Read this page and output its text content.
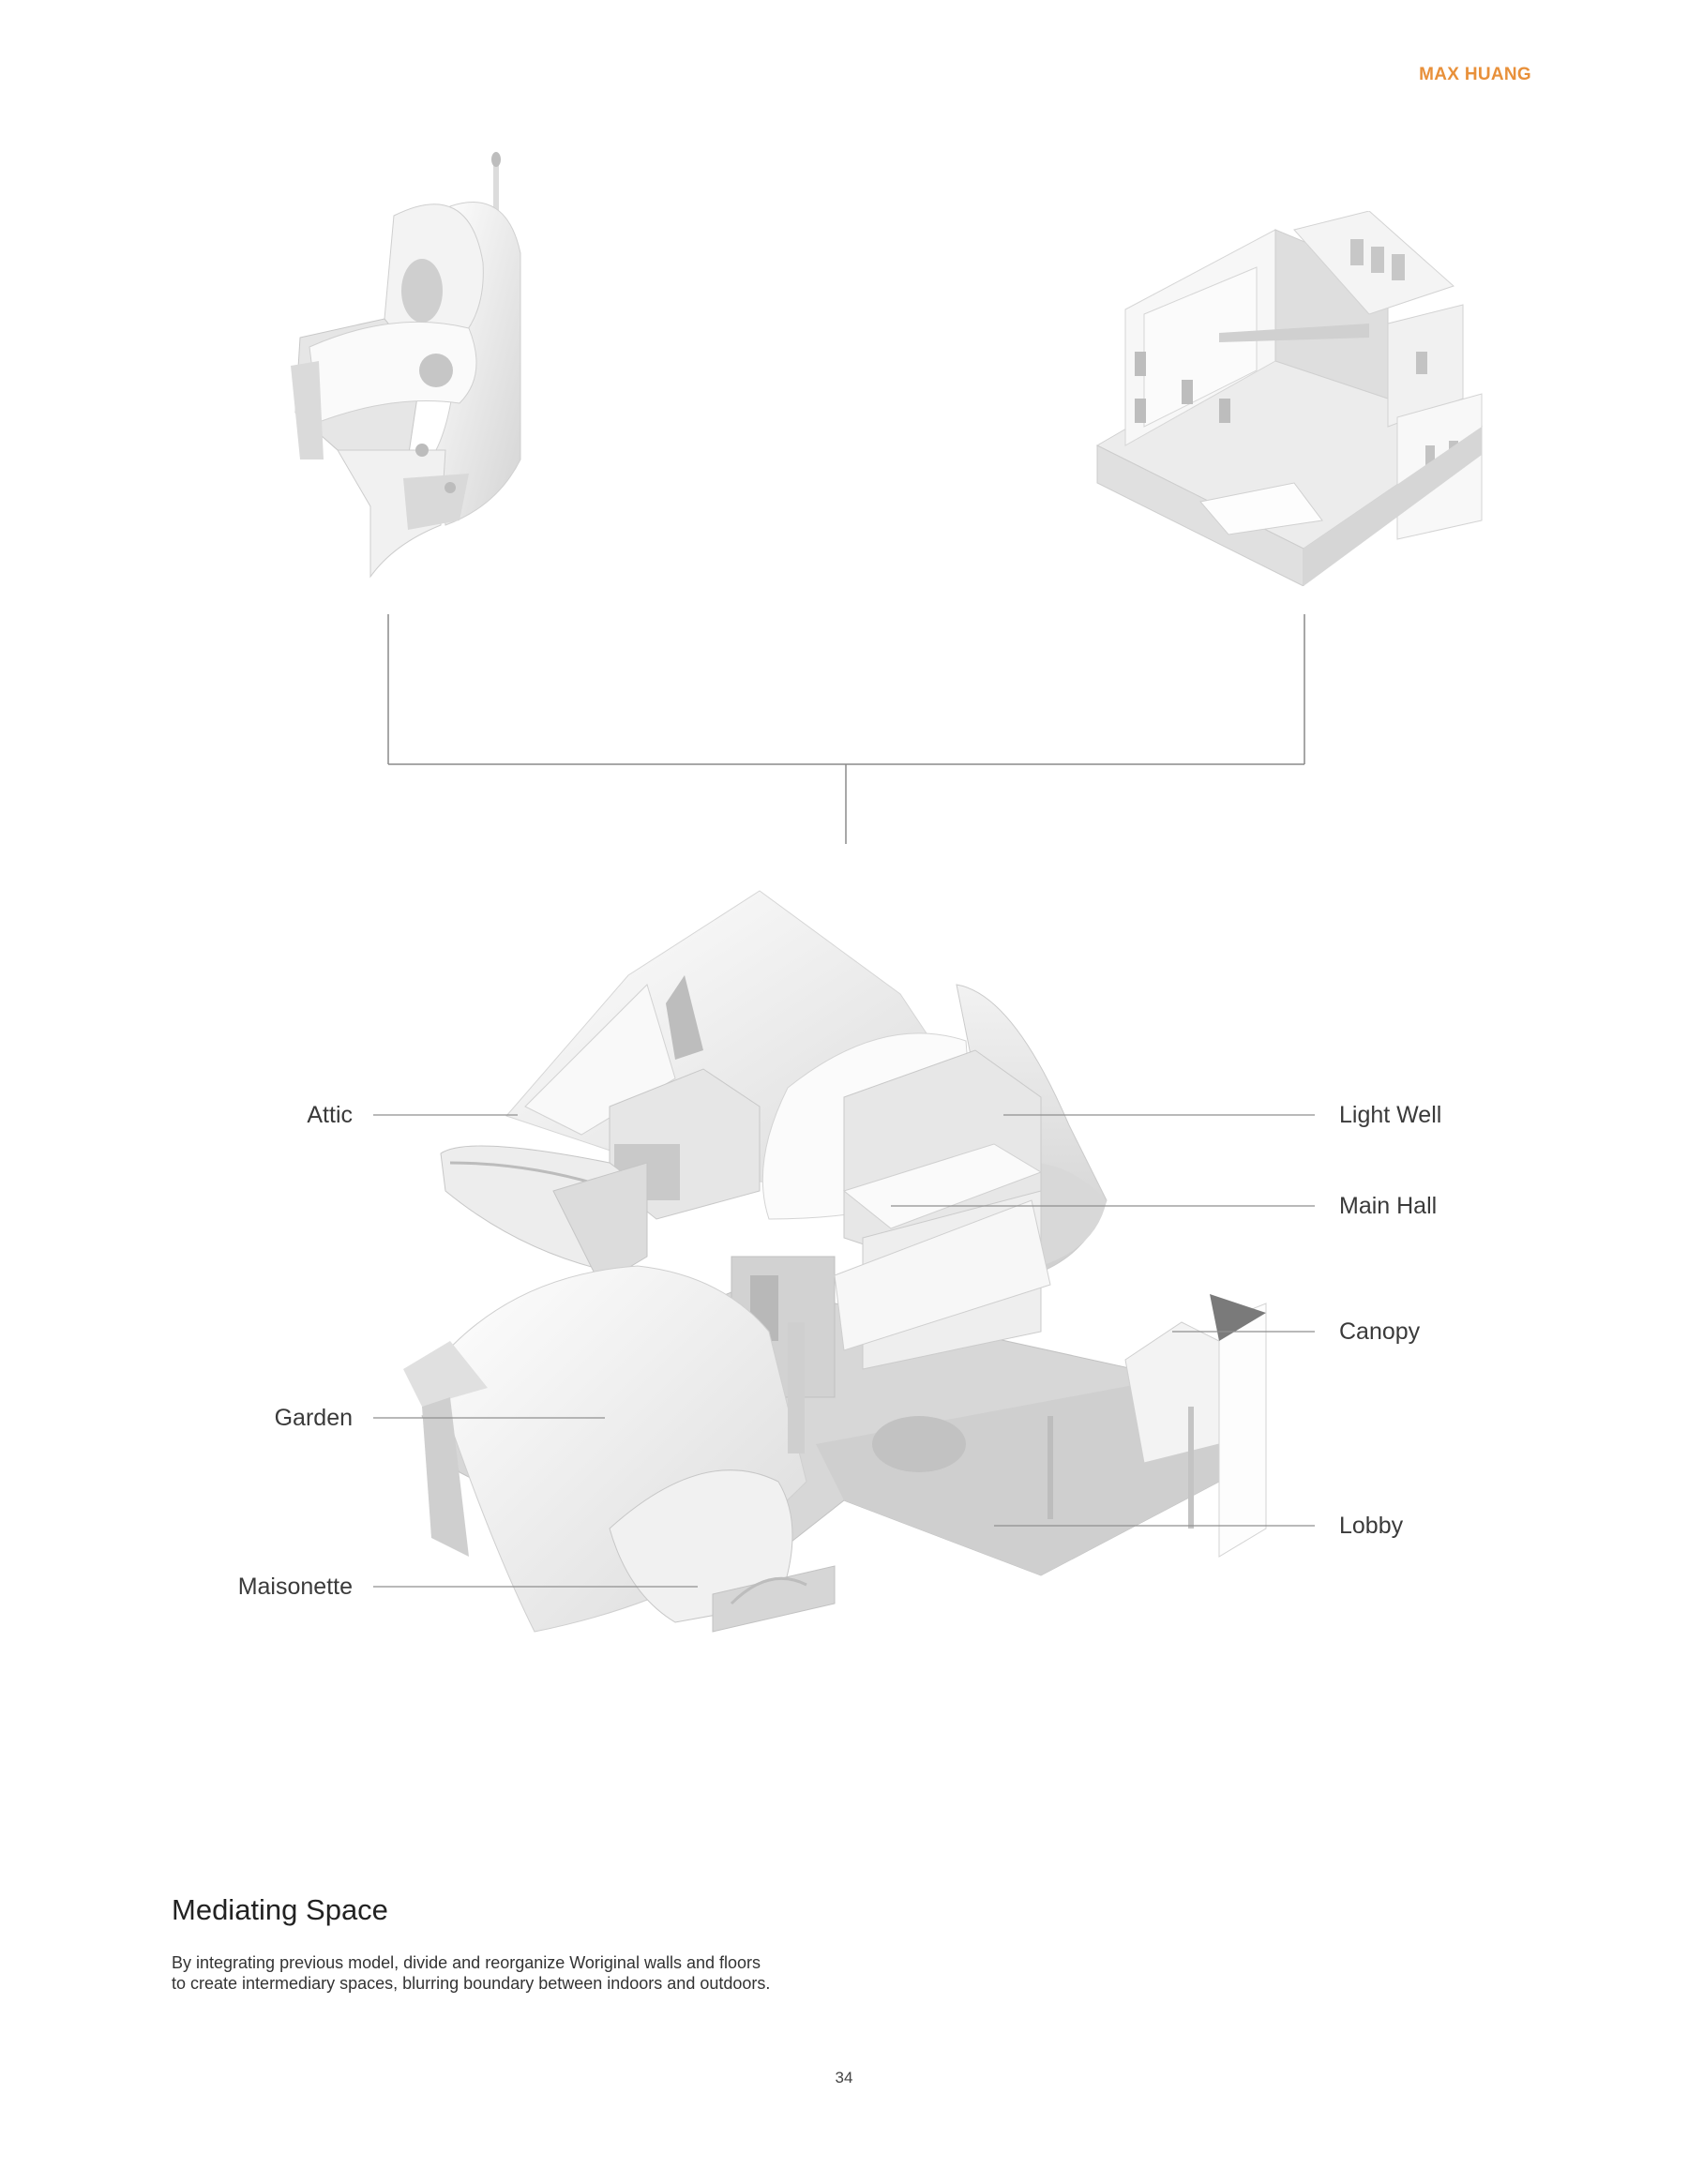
MAX HUANG
Attic
Garden
Maisonette
Light Well
Main Hall
Canopy
Lobby
Mediating Space
By integrating previous model, divide and reorganize Woriginal walls and floors
to create intermediary spaces, blurring boundary between indoors and outdoors.
34
